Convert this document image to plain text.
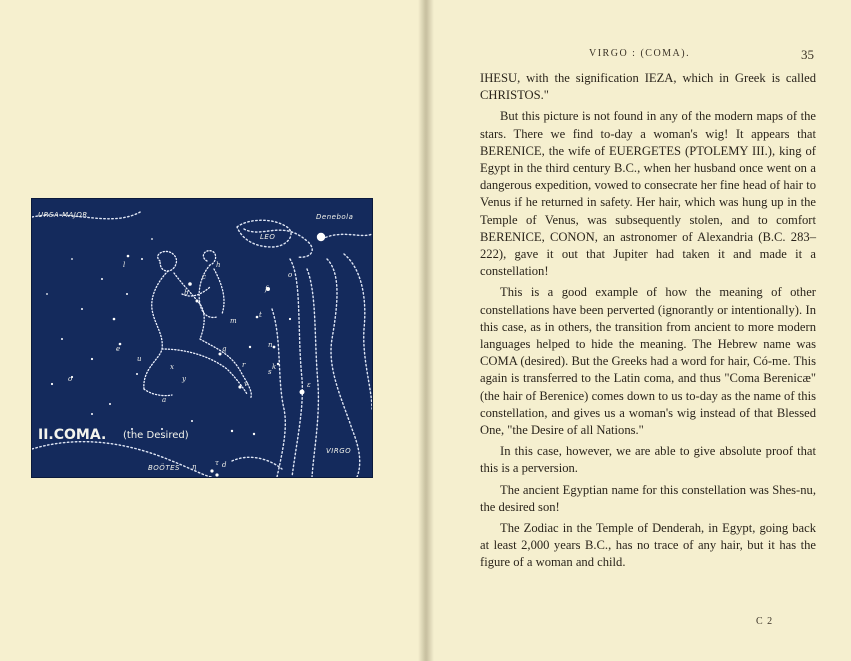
l
f
t
o
h
c
b
m
n
e
u
x
y
v
q
r
o
a
k
s
ε
η	τ d
URSA MAJOR	Denebola
LEO
BOÖTES
VIRGO
II.COMA. (the Desired)
VIRGO : (COMA).	35

IHESU, with the signification IEZA, which in Greek is called CHRISTOS."

But this picture is not found in any of the modern maps of the stars. There we find to-day a woman's wig! It appears that BERENICE, the wife of EUERGETES (PTOLEMY III.), king of Egypt in the third century B.C., when her husband once went on a dangerous expedition, vowed to consecrate her fine head of hair to Venus if he returned in safety. Her hair, which was hung up in the Temple of Venus, was subsequently stolen, and to comfort BERENICE, CONON, an astronomer of Alexandria (B.C. 283–222), gave it out that Jupiter had taken it and made it a constellation!

This is a good example of how the meaning of other constellations have been perverted (ignorantly or intentionally). In this case, as in others, the transition from ancient to more modern languages helped to hide the meaning. The Hebrew name was COMA (desired). But the Greeks had a word for hair, Có-me. This again is transferred to the Latin coma, and thus "Coma Berenicæ" (the hair of Berenice) comes down to us to-day as the name of this constellation, and gives us a woman's wig instead of that Blessed One, "the Desire of all Nations."

In this case, however, we are able to give absolute proof that this is a perversion.

The ancient Egyptian name for this constellation was Shes-nu, the desired son!

The Zodiac in the Temple of Denderah, in Egypt, going back at least 2,000 years B.C., has no trace of any hair, but it has the figure of a woman and child.

C 2
